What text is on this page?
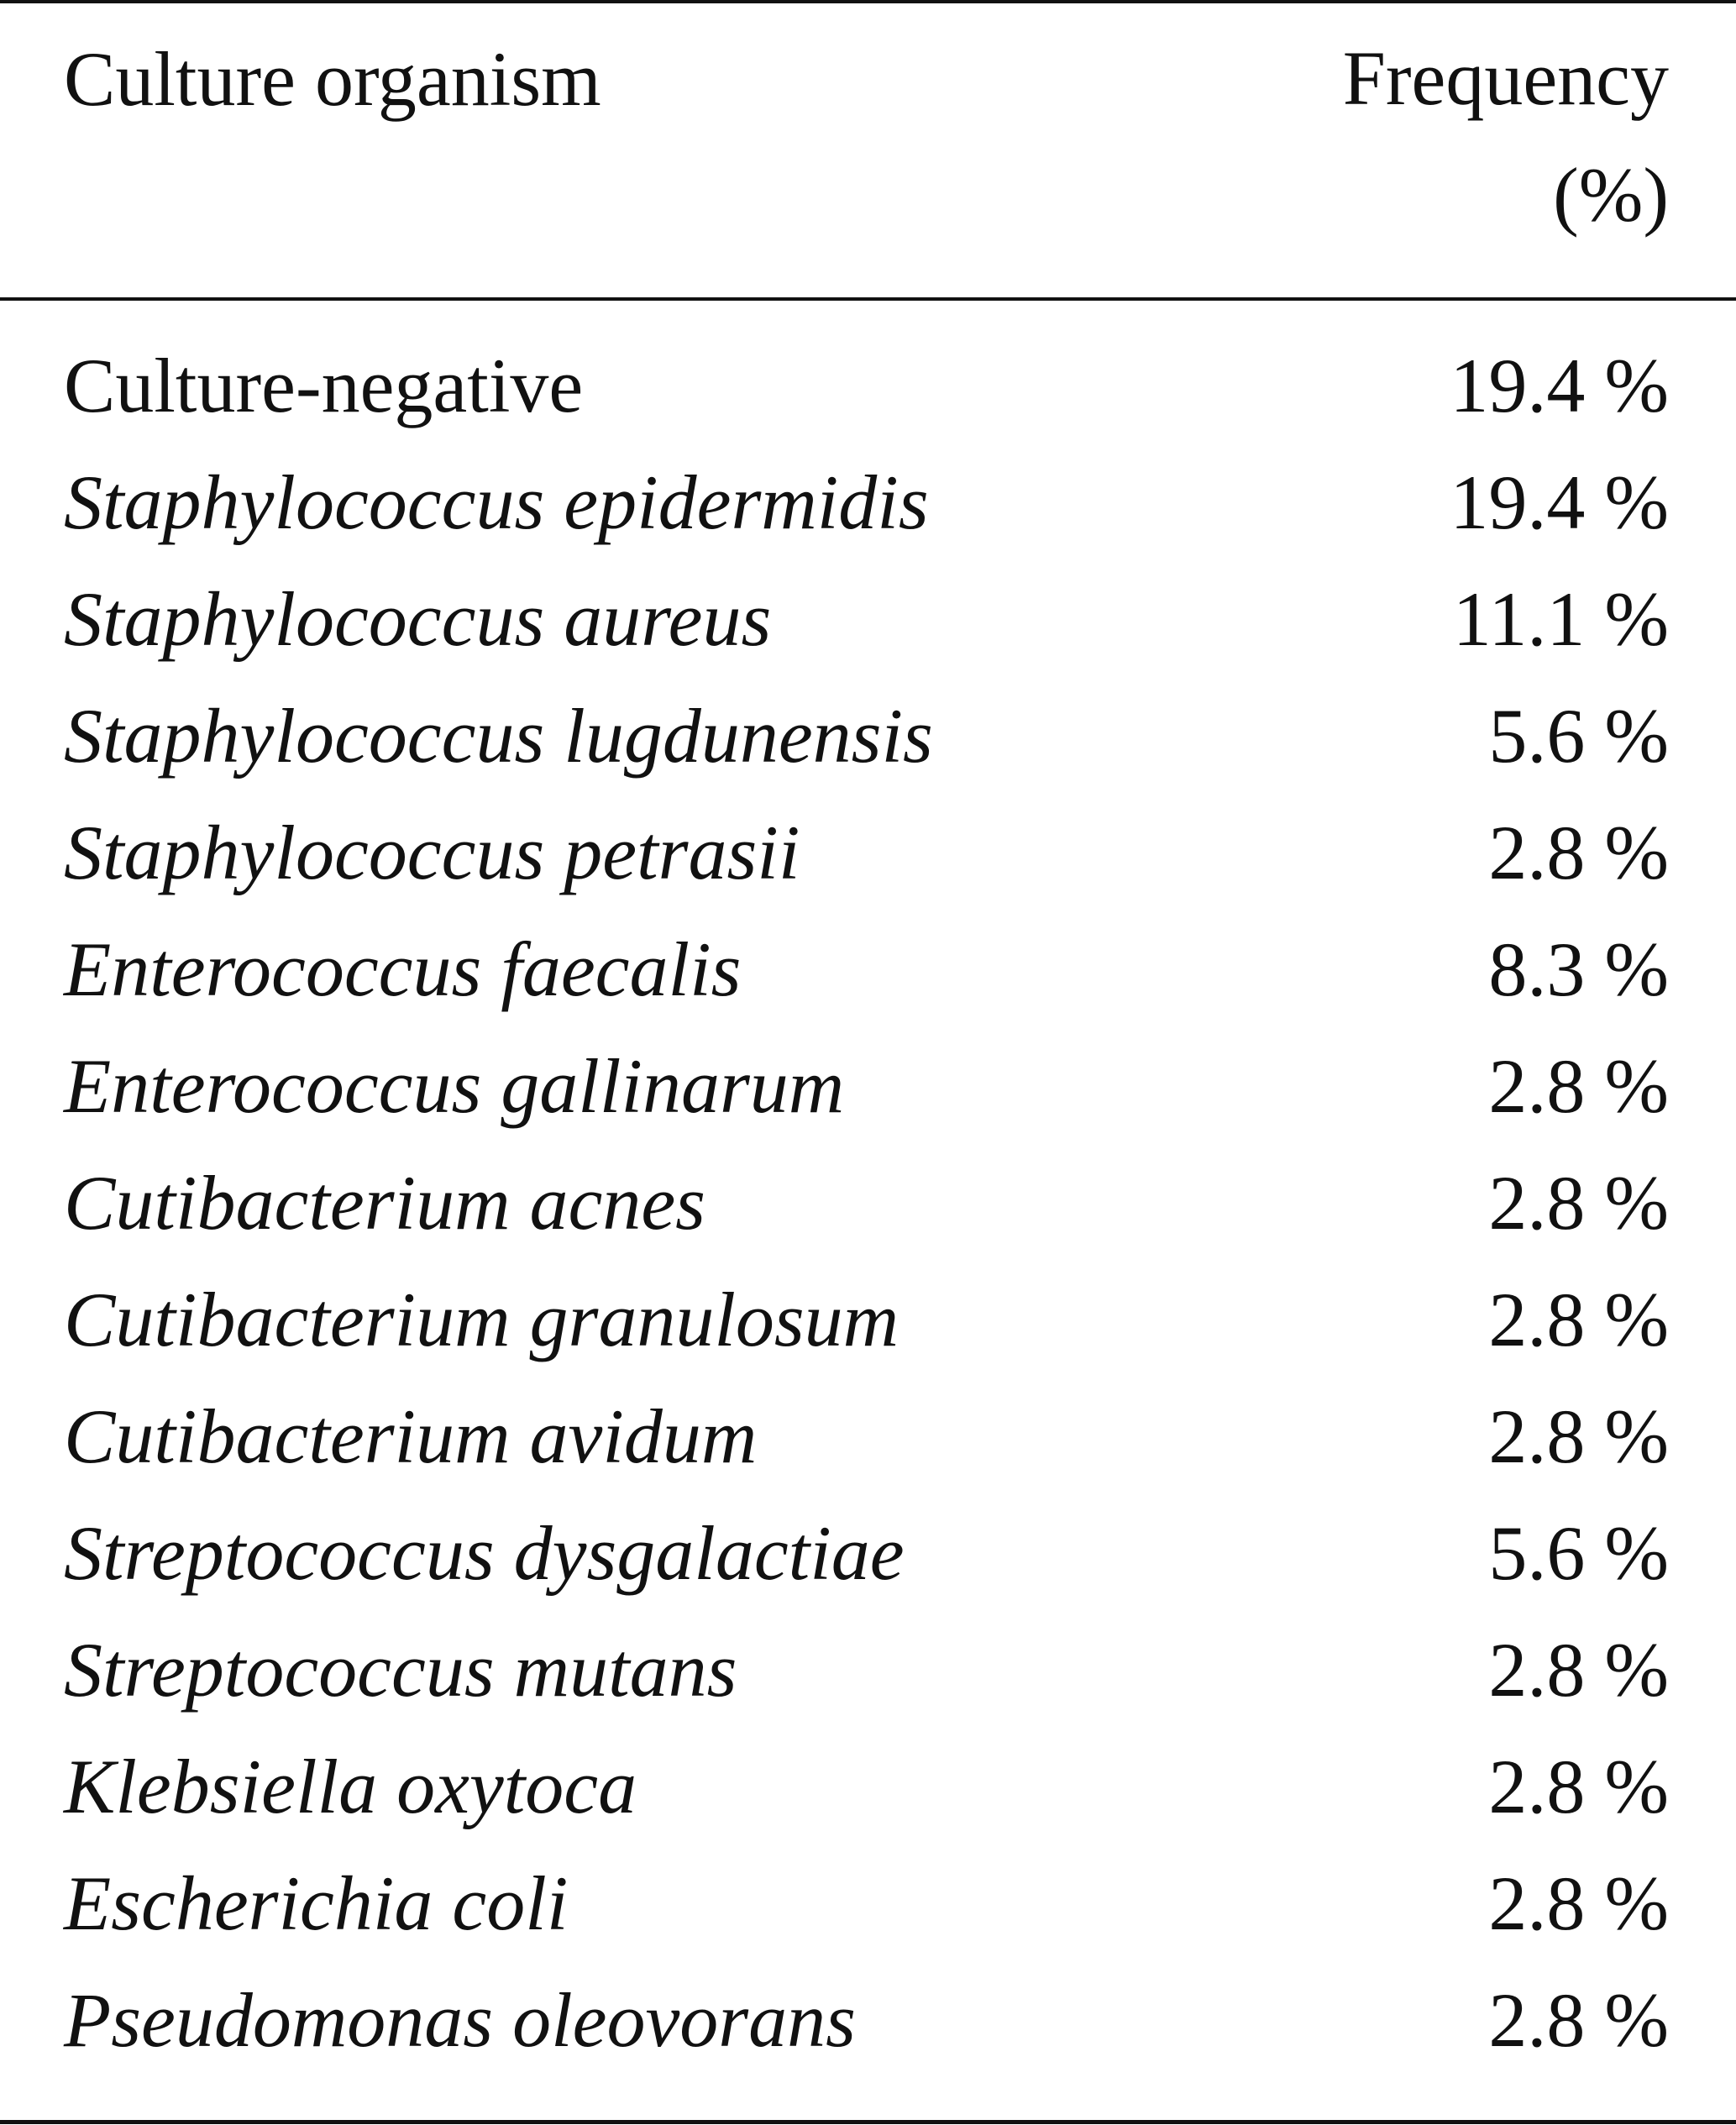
Culture organism	Frequency
(%)
Culture-negative	19.4 %
Staphylococcus epidermidis	19.4 %
Staphylococcus aureus	11.1 %
Staphylococcus lugdunensis	5.6 %
Staphylococcus petrasii	2.8 %
Enterococcus faecalis	8.3 %
Enterococcus gallinarum	2.8 %
Cutibacterium acnes	2.8 %
Cutibacterium granulosum	2.8 %
Cutibacterium avidum	2.8 %
Streptococcus dysgalactiae	5.6 %
Streptococcus mutans	2.8 %
Klebsiella oxytoca	2.8 %
Escherichia coli	2.8 %
Pseudomonas oleovorans	2.8 %
